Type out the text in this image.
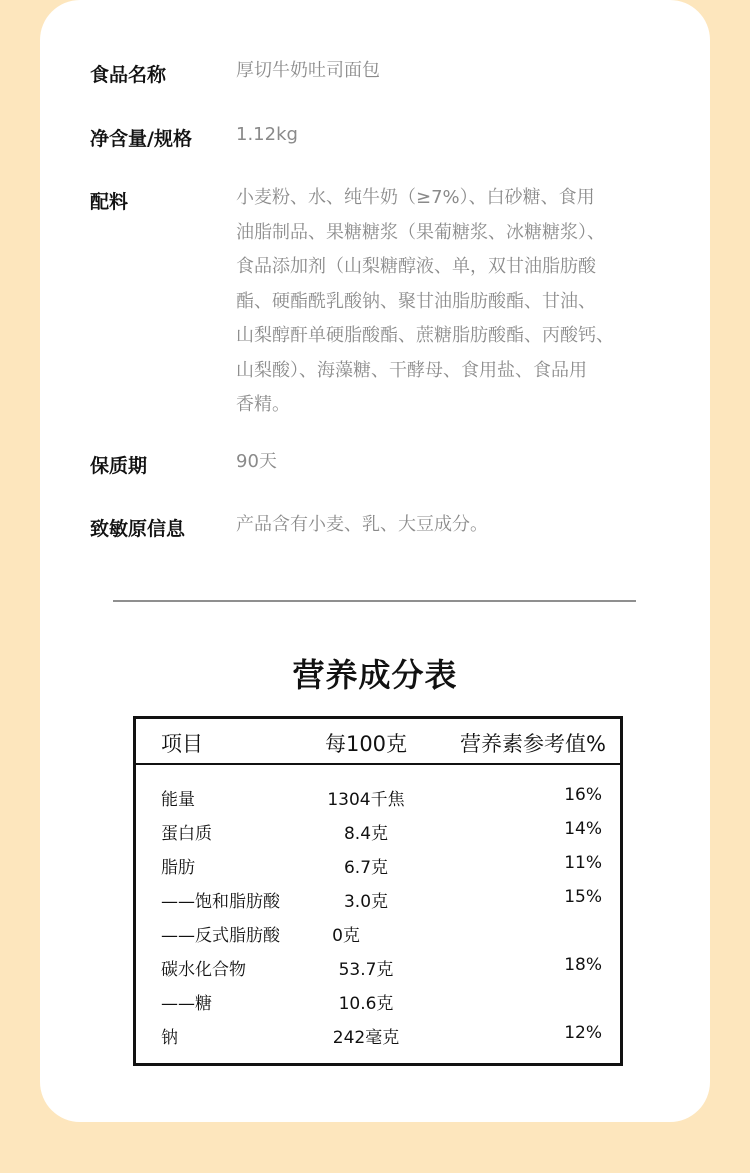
食品名称	厚切牛奶吐司面包
净含量/规格 1.12kg
配料	小麦粉、水、纯牛奶（≥7%）、白砂糖、食用
油脂制品、果糖糖浆（果葡糖浆、冰糖糖浆）、
食品添加剂（山梨糖醇液、单，双甘油脂肪酸
酯、硬酯酰乳酸钠、聚甘油脂肪酸酯、甘油、
山梨醇酐单硬脂酸酯、蔗糖脂肪酸酯、丙酸钙、
山梨酸）、海藻糖、干酵母、食用盐、食品用
香精。
保质期	90天
致敏原信息	产品含有小麦、乳、大豆成分。
营养成分表
项目	每100克	营养素参考值%
能量	1304千焦	16%
蛋白质	8.4克	14%
脂肪	6.7克	11%
——饱和脂肪酸	3.0克	15%
——反式脂肪酸	0克
碳水化合物	53.7克	18%
——糖	10.6克
钠	242毫克	12%
